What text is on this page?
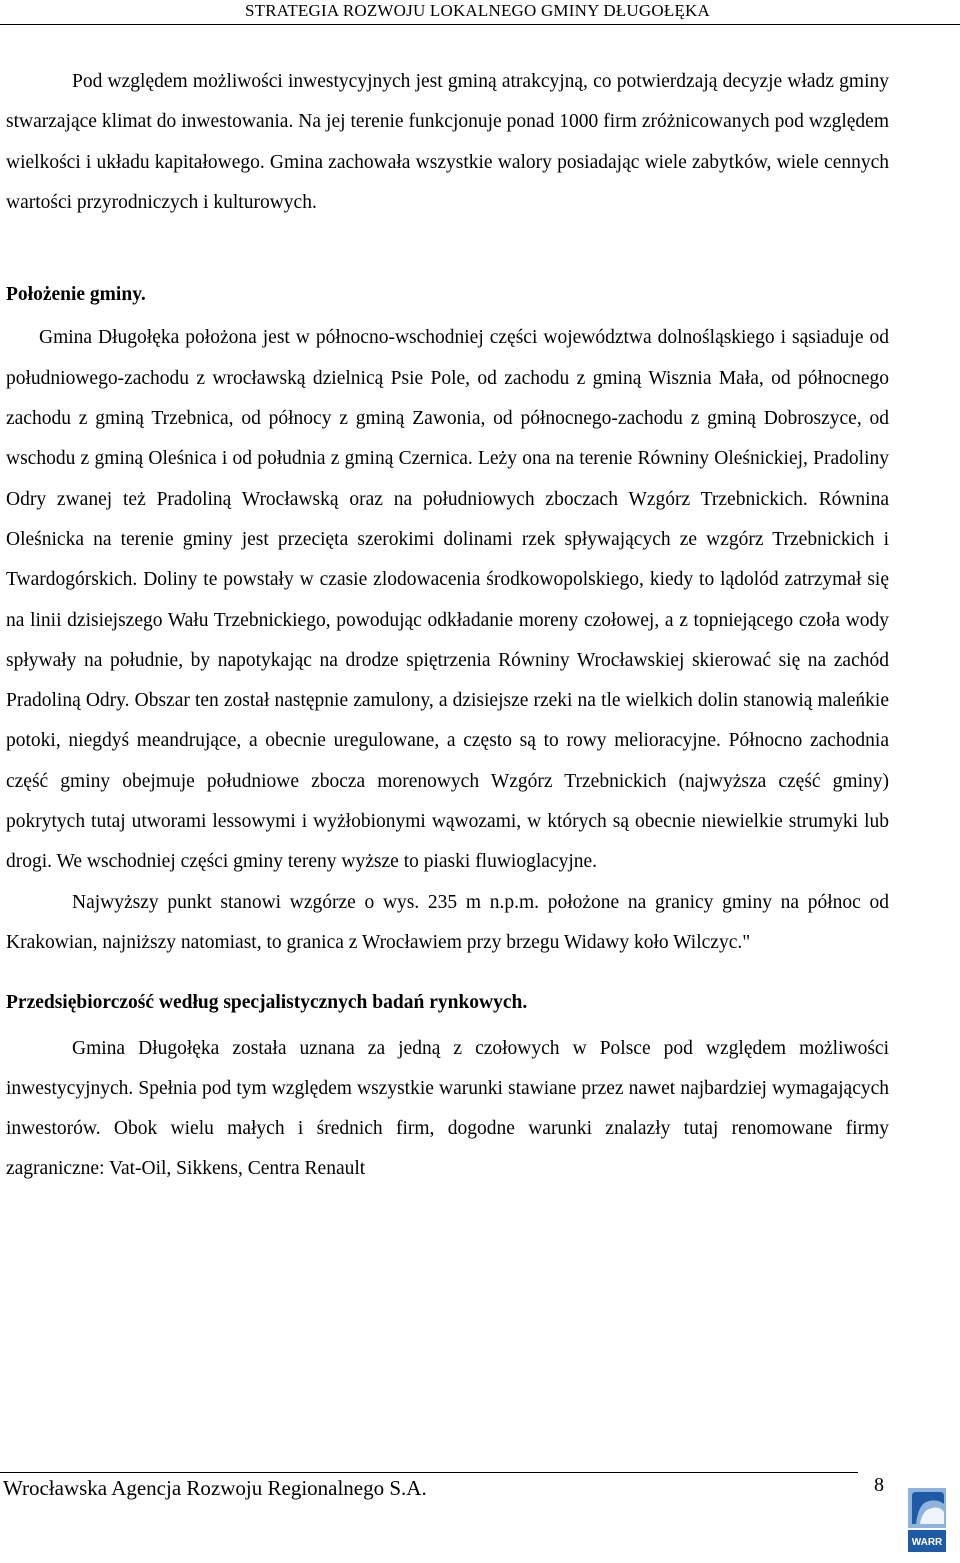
STRATEGIA ROZWOJU LOKALNEGO GMINY DŁUGOŁĘKA

Pod względem możliwości inwestycyjnych jest gminą atrakcyjną, co potwierdzają decyzje władz gminy stwarzające klimat do inwestowania. Na jej terenie funkcjonuje ponad 1000 firm zróżnicowanych pod względem wielkości i układu kapitałowego. Gmina zachowała wszystkie walory posiadając wiele zabytków, wiele cennych wartości przyrodniczych i kulturowych.

Położenie gminy.

Gmina Długołęka położona jest w północno-wschodniej części województwa dolnośląskiego i sąsiaduje od południowego-zachodu z wrocławską dzielnicą Psie Pole, od zachodu z gminą Wisznia Mała, od północnego zachodu z gminą Trzebnica, od północy z gminą Zawonia, od północnego-zachodu z gminą Dobroszyce, od wschodu z gminą Oleśnica i od południa z gminą Czernica. Leży ona na terenie Równiny Oleśnickiej, Pradoliny Odry zwanej też Pradoliną Wrocławską oraz na południowych zboczach Wzgórz Trzebnickich. Równina Oleśnicka na terenie gminy jest przecięta szerokimi dolinami rzek spływających ze wzgórz Trzebnickich i Twardogórskich. Doliny te powstały w czasie zlodowacenia środkowopolskiego, kiedy to lądolód zatrzymał się na linii dzisiejszego Wału Trzebnickiego, powodując odkładanie moreny czołowej, a z topniejącego czoła wody spływały na południe, by napotykając na drodze spiętrzenia Równiny Wrocławskiej skierować się na zachód Pradoliną Odry. Obszar ten został następnie zamulony, a dzisiejsze rzeki na tle wielkich dolin stanowią maleńkie potoki, niegdyś meandrujące, a obecnie uregulowane, a często są to rowy melioracyjne. Północno zachodnia część gminy obejmuje południowe zbocza morenowych Wzgórz Trzebnickich (najwyższa część gminy) pokrytych tutaj utworami lessowymi i wyżłobionymi wąwozami, w których są obecnie niewielkie strumyki lub drogi. We wschodniej części gminy tereny wyższe to piaski fluwioglacyjne.

Najwyższy punkt stanowi wzgórze o wys. 235 m n.p.m. położone na granicy gminy na północ od Krakowian, najniższy natomiast, to granica z Wrocławiem przy brzegu Widawy koło Wilczyc."

Przedsiębiorczość według specjalistycznych badań rynkowych.

Gmina Długołęka została uznana za jedną z czołowych w Polsce pod względem możliwości inwestycyjnych. Spełnia pod tym względem wszystkie warunki stawiane przez nawet najbardziej wymagających inwestorów. Obok wielu małych i średnich firm, dogodne warunki znalazły tutaj renomowane firmy zagraniczne: Vat-Oil, Sikkens, Centra Renault

Wrocławska Agencja Rozwoju Regionalnego S.A.	8
WARR
